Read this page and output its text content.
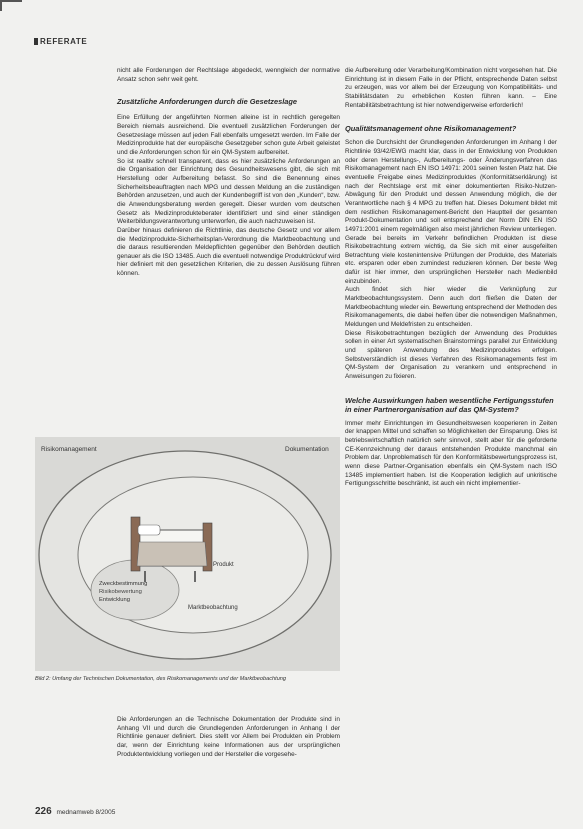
REFERATE

nicht alle Forderungen der Rechtslage abgedeckt, wenngleich der normative Ansatz schon sehr weit geht.

Zusätzliche Anforderungen durch die Gesetzeslage

Eine Erfüllung der angeführten Normen alleine ist in rechtlich geregelten Bereich niemals ausreichend. Die eventuell zusätzlichen Forderungen der Gesetzeslage müssen auf jeden Fall ebenfalls umgesetzt werden. Im Falle der Medizinprodukte hat der europäische Gesetzgeber schon gute Arbeit geleistet und die Anforderungen schon für ein QM-System aufbereitet.

So ist realtiv schnell transparent, dass es hier zusätzliche Anforderungen an die Organisation der Einrichtung des Gesundheitswesens gibt, die sich mit Herstellung oder Aufbereitung befasst. So sind die Benennung eines Sicherheitsbeauftragten nach MPG und dessen Meldung an die zuständigen Behörden anzusetzen, und auch der Kundenbegriff ist von den „Kunden“, bzw. die Anwendungsberatung werden geregelt. Dieser wurden vom deutschen Gesetz als Medizinprodukteberater identifiziert und sind einer ständigen Weiterbildungsverantwortung unterworfen, die auch nachzuweisen ist.

Darüber hinaus definieren die Richtlinie, das deutsche Gesetz und vor allem die Medizinprodukte-Sicherheitsplan-Verordnung die Marktbeobachtung und die daraus resultierenden Meldepflichten gegenüber den Behörden deutlich genauer als die ISO 13485. Auch die eventuell notwendige Produktrückruf wird hier definiert mit den gesetzlichen Kriterien, die zu dessen Auslösung führen können.

die Aufbereitung oder Verarbeitung/Kombination nicht vorgesehen hat. Die Einrichtung ist in diesem Falle in der Pflicht, entsprechende Daten selbst zu erzeugen, was vor allem bei der Erzeugung von Kompatibilitäts- und Stabilitätsdaten zu erheblichen Kosten führen kann. – Eine Rentabilitätsbetrachtung ist hier notwendigerweise erforderlich!

Qualitätsmanagement ohne Risikomanagement?

Schon die Durchsicht der Grundlegenden Anforderungen im Anhang I der Richtlinie 93/42/EWG macht klar, dass in der Entwicklung von Produkten oder deren Herstellungs-, Aufbereitungs- oder Änderungsverfahren das Risikomanagement nach EN ISO 14971: 2001 seinen festen Platz hat. Die eventuelle Freigabe eines Medizinproduktes (Konformitätserklärung) ist nach der Rechtslage erst mit einer dokumentierten Risiko-Nutzen-Abwägung für den Produkt und dessen Anwendung möglich, die der Verantwortliche nach § 4 MPG zu treffen hat. Dieses Dokument bildet mit dem restlichen Risikomanagement-Bericht den Hauptteil der gesamten Produkt-Dokumentation und soll entsprechend der Norm DIN EN ISO 14971:2001 einem regelmäßigen also meist jährlichen Review unterliegen.

Gerade bei bereits im Verkehr befindlichen Produkten ist diese Risikobetrachtung extrem wichtig, da Sie sich mit einer ausgefeilten Betrachtung viele kostenintensive Prüfungen der Produkte, des Materials etc. ersparen oder eben zumindest reduzieren können. Der beste Weg dafür ist hier immer, den ursprünglichen Hersteller nach Medienbild einzubinden.

Auch findet sich hier wieder die Verknüpfung zur Marktbeobachtungssystem. Denn auch dort fließen die Daten der Marktbeobachtung wieder ein. Bewertung entsprechend der Methoden des Risikomanagements, die dabei helfen über die notwendigen Maßnahmen, Meldungen und Meldefristen zu entscheiden.

Diese Risikobetrachtungen bezüglich der Anwendung des Produktes sollen in einer Art systematischen Brainstormings parallel zur Entwicklung und späteren Anwendung des Medizinproduktes erfolgen. Selbstverständlich ist dieses Verfahren des Risikomanagements fest im QM-System der Organisation zu verankern und entsprechend in Anweisungen zu fixieren.

Welche Auswirkungen haben wesentliche Fertigungsstufen in einer Partnerorganisation auf das QM-System?

Immer mehr Einrichtungen im Gesundheitswesen kooperieren in Zeiten der knappen Mittel und schaffen so Möglichkeiten der Einsparung. Dies ist betriebswirtschaftlich natürlich sehr sinnvoll, stellt aber für die geforderte CE-Kennzeichnung der daraus entstehenden Produkte manchmal ein Problem dar. Unproblematisch für den Konformitätsbewertungsprozess ist, wenn diese Partner-Organisation ebenfalls ein QM-System nach ISO 13485 implementiert haben. Ist die Kooperation lediglich auf unkritische Fertigungsschritte beschränkt, ist auch ein nicht implementier-

Risikomanagement	Dokumentation
Produkt
Marktbeobachtung
Zweckbestimmung
Risikobewertung
Entwicklung
Bild 2: Umfang der Technischen Dokumentation, des Risikomanagements und der Marktbeobachtung

Die Anforderungen an die Technische Dokumentation der Produkte sind in Anhang VII und durch die Grundlegenden Anforderungen in Anhang I der Richtlinie genauer definiert. Dies stellt vor Allem bei Produkten ein Problem dar, wenn der Einrichtung keine Informationen aus der ursprünglichen Produktentwicklung vorliegen und der Hersteller die vorgesehe-

226 mednamweb 8/2005
